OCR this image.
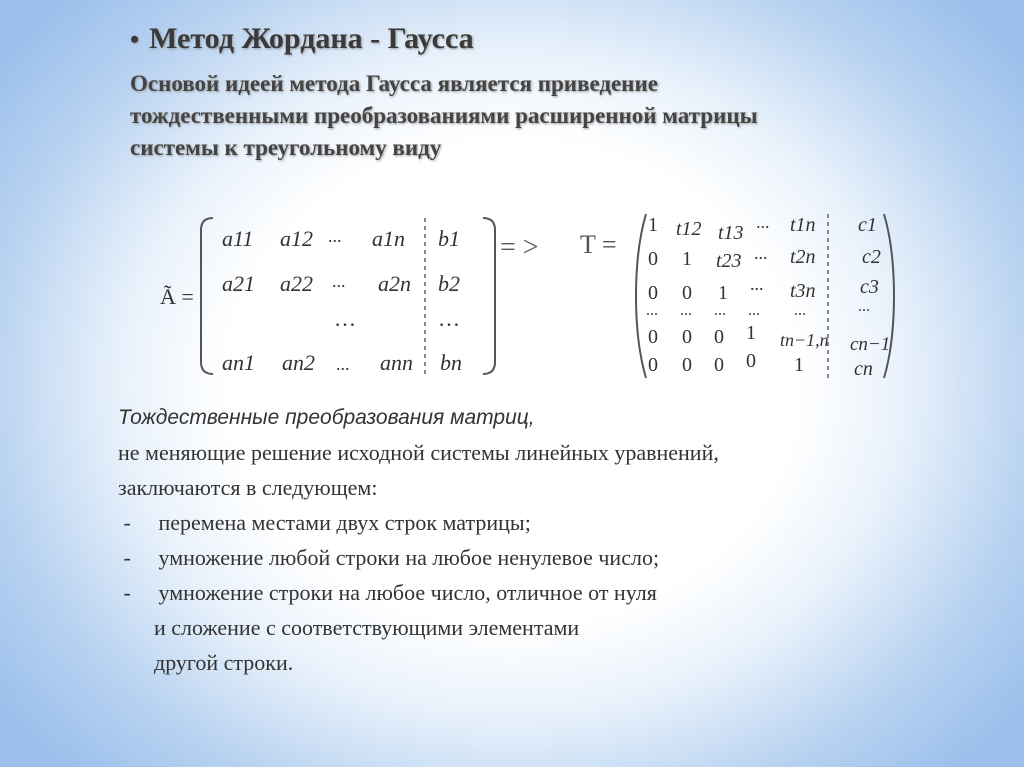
• Метод Жордана - Гаусса
Основой идеей метода Гаусса является приведение
тождественными преобразованиями расширенной матрицы
системы к треугольному виду
Ã =
a11 a12 ... a1n b1
a21 a22 ... a2n b2
…	…
an1 an2 ... ann bn
= > T =
1 t12 t13 ... t1n c1
0 1 t23 ... t2n c2
0 0 1 ... t3n c3
... ... ... ... ...	...
0 0 0 1 tn−1,n cn−1
0 0 0 0 1	cn
Тождественные преобразования матриц,
не меняющие решение исходной системы линейных уравнений,
заключаются в следующем:
- перемена местами двух строк матрицы;
- умножение любой строки на любое ненулевое число;
- умножение строки на любое число, отличное от нуля
и сложение с соответствующими элементами
другой строки.
